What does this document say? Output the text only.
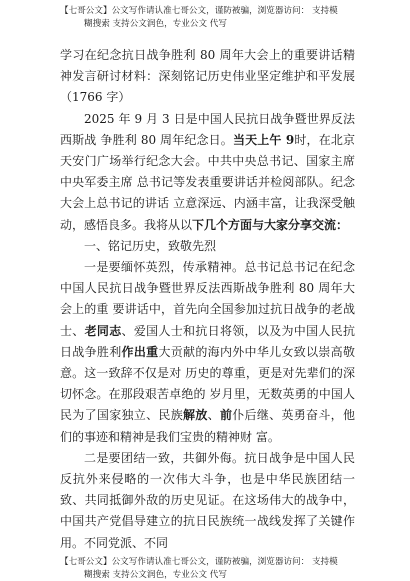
【七哥公文】公文写作请认准七哥公文，谨防被骗，浏览器访问： 支持模
糊搜索 支持公文润色，专业公文 代写

学习在纪念抗日战争胜利 80 周年大会上的重要讲话精神发言研讨材料：深刻铭记历史伟业坚定维护和平发展（1766 字）

2025 年 9 月 3 日是中国人民抗日战争暨世界反法西斯战 争胜利 80 周年纪念日。当天上午 9时，在北京天安门广场举行纪念大会。中共中央总书记、国家主席中央军委主席 总书记等发表重要讲话并检阅部队。纪念大会上总书记的讲话 立意深远、内涵丰富，让我深受触动，感悟良多。我将从以下几个方面与大家分享交流：

一、铭记历史，致敬先烈

一是要缅怀英烈，传承精神。总书记总书记在纪念中国人民抗日战争暨世界反法西斯战争胜利 80 周年大会上的重 要讲话中，首先向全国参加过抗日战争的老战士、老同志、爱国人士和抗日将领，以及为中国人民抗日战争胜利作出重大贡献的海内外中华儿女致以崇高敬意。这一致辞不仅是对 历史的尊重，更是对先辈们的深切怀念。在那段艰苦卓绝的 岁月里，无数英勇的中国人民为了国家独立、民族解放、前仆后继、英勇奋斗，他们的事迹和精神是我们宝贵的精神财 富。

二是要团结一致，共御外侮。抗日战争是中国人民反抗外来侵略的一次伟大斗争，也是中华民族团结一致、共同抵御外敌的历史见证。在这场伟大的战争中，中国共产党倡导建立的抗日民族统一战线发挥了关键作用。不同党派、不同

【七哥公文】公文写作请认准七哥公文，谨防被骗，浏览器访问： 支持模
糊搜索 支持公文润色，专业公文 代写
